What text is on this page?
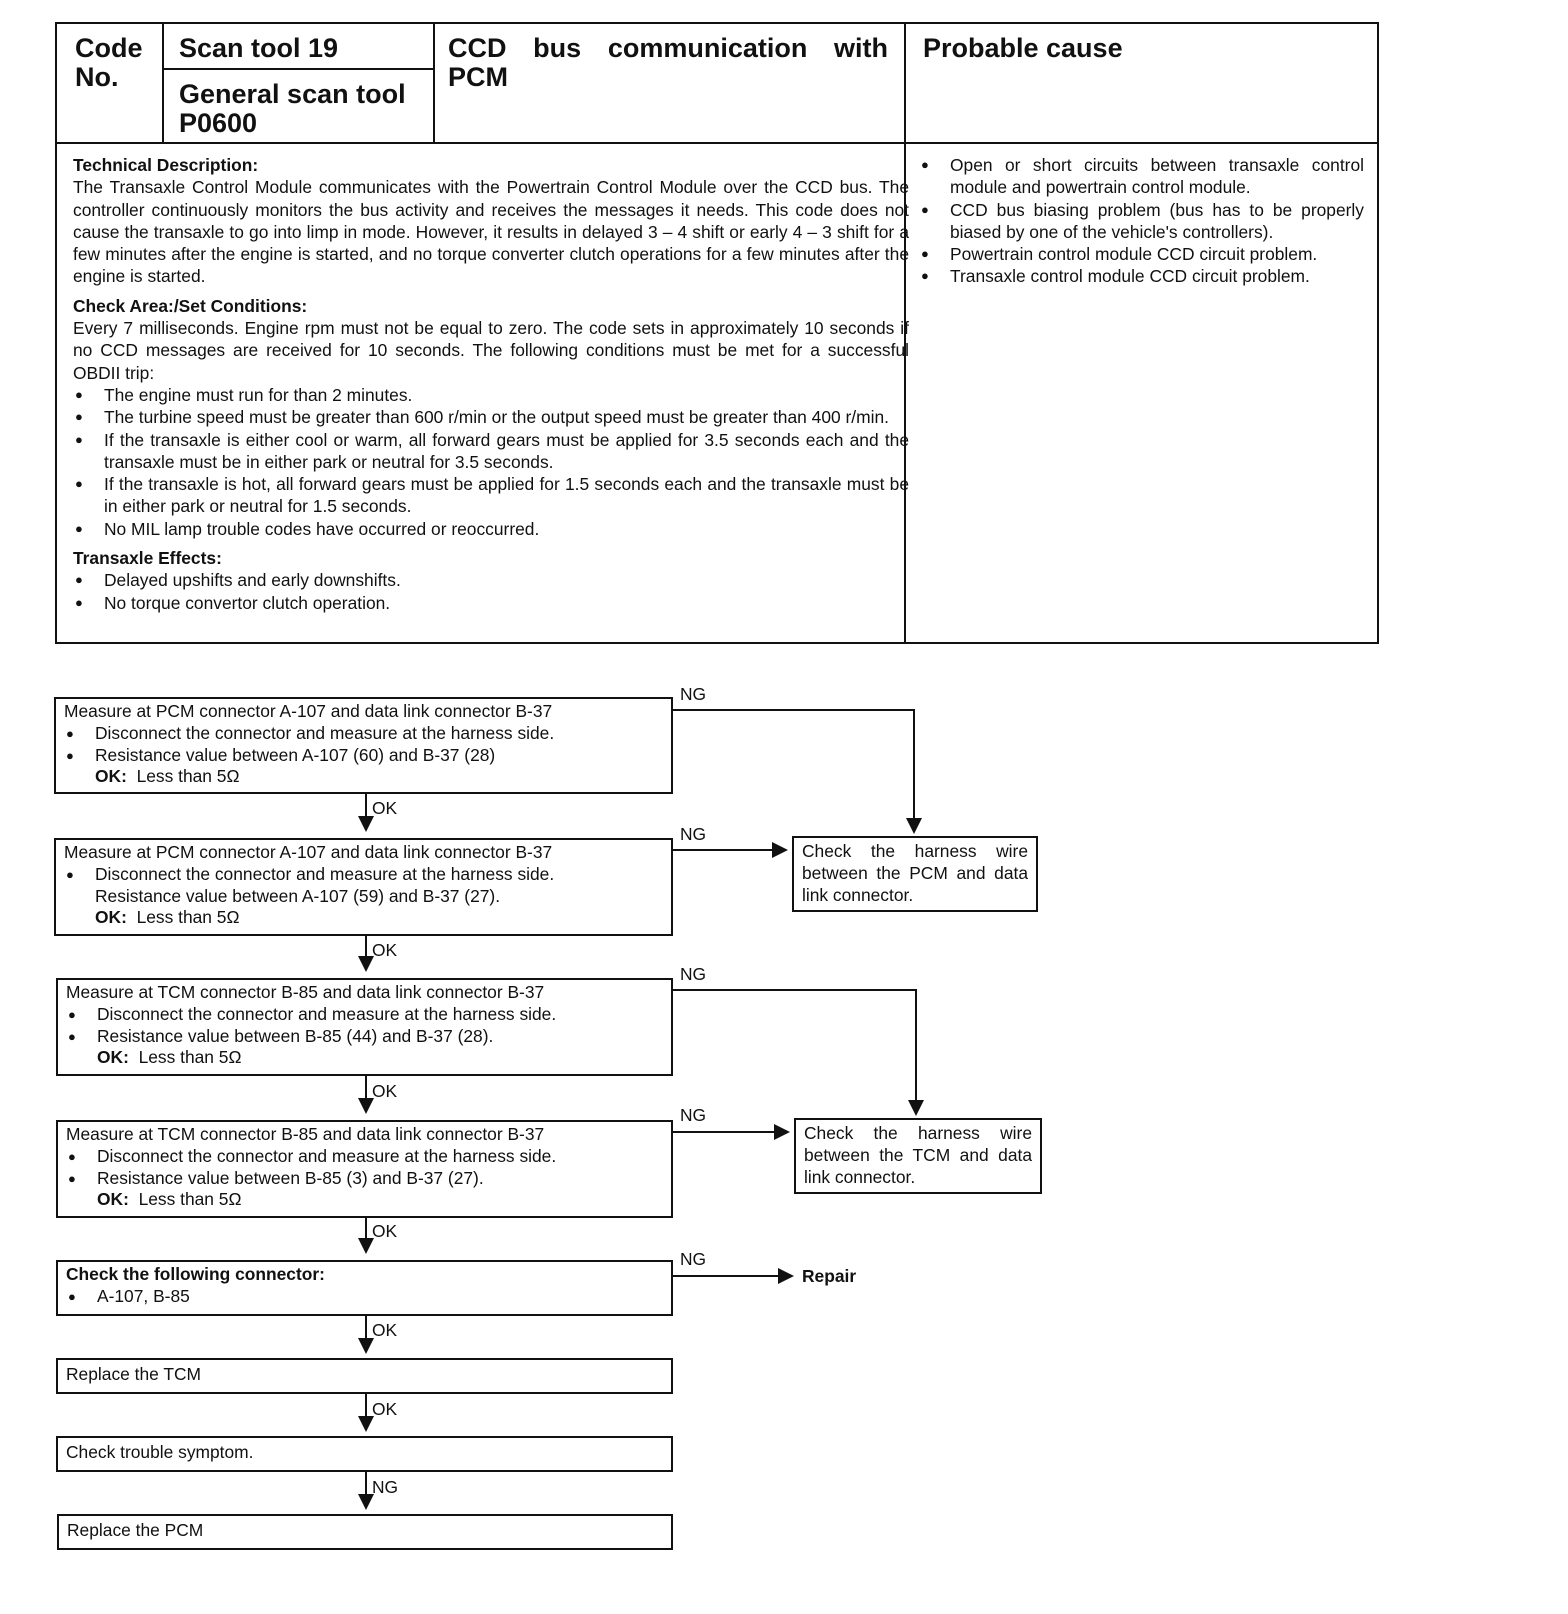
Code No.
Scan tool 19
General scan tool P0600
CCD bus communication with
PCM
Probable cause
Technical Description:

The Transaxle Control Module communicates with the Powertrain Control Module over the CCD bus. The controller continuously monitors the bus activity and receives the messages it needs. This code does not cause the transaxle to go into limp in mode. However, it results in delayed 3 – 4 shift or early 4 – 3 shift for a few minutes after the engine is started, and no torque converter clutch operations for a few minutes after the engine is started.

Check Area:/Set Conditions:

Every 7 milliseconds. Engine rpm must not be equal to zero. The code sets in approximately 10 seconds if no CCD messages are received for 10 seconds. The following conditions must be met for a successful OBDII trip:

● The engine must run for than 2 minutes.
● The turbine speed must be greater than 600 r/min or the output speed must be greater than 400 r/min.
● If the transaxle is either cool or warm, all forward gears must be applied for 3.5 seconds each and the transaxle must be in either park or neutral for 3.5 seconds.
● If the transaxle is hot, all forward gears must be applied for 1.5 seconds each and the transaxle must be in either park or neutral for 1.5 seconds.
● No MIL lamp trouble codes have occurred or reoccurred.
Transaxle Effects:
● Delayed upshifts and early downshifts.
● No torque convertor clutch operation.
● Open or short circuits between transaxle control module and powertrain control module.
● CCD bus biasing problem (bus has to be properly biased by one of the vehicle's controllers).
● Powertrain control module CCD circuit problem.
● Transaxle control module CCD circuit problem.
Measure at PCM connector A-107 and data link connector B-37
● Disconnect the connector and measure at the harness side.
● Resistance value between A-107 (60) and B-37 (28)
OK: Less than 5Ω
Measure at PCM connector A-107 and data link connector B-37
● Disconnect the connector and measure at the harness side.
Resistance value between A-107 (59) and B-37 (27).
OK: Less than 5Ω
Measure at TCM connector B-85 and data link connector B-37
● Disconnect the connector and measure at the harness side.
● Resistance value between B-85 (44) and B-37 (28).
OK: Less than 5Ω
Measure at TCM connector B-85 and data link connector B-37
● Disconnect the connector and measure at the harness side.
● Resistance value between B-85 (3) and B-37 (27).
OK: Less than 5Ω
Check the following connector:
● A-107, B-85
Replace the TCM
Check trouble symptom.
Replace the PCM
Check the harness wire between the PCM and data link connector.
Check the harness wire between the TCM and data link connector.
Repair
OK
OK
OK
OK
OK
OK
NG
NG
NG
NG
NG
NG
